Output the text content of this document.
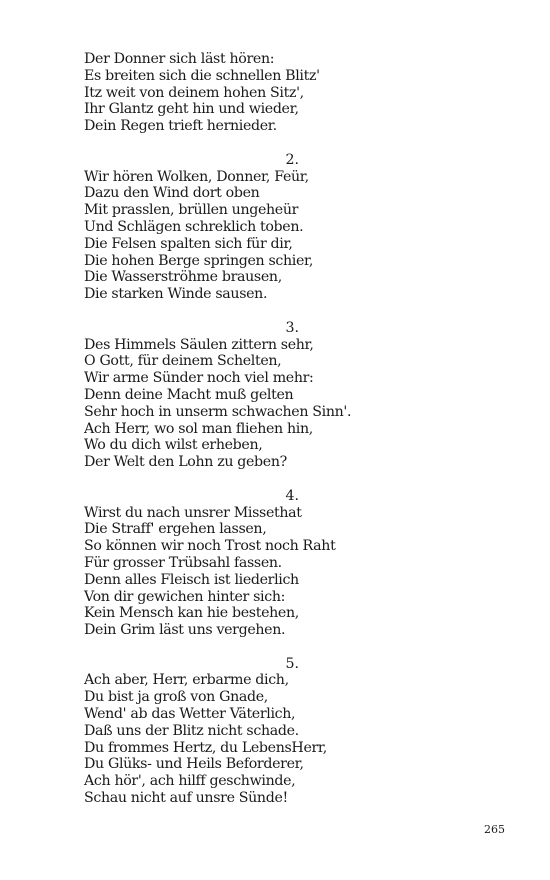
Der Donner sich läst hören:
Es breiten sich die schnellen Blitz'
Itz weit von deinem hohen Sitz',
Ihr Glantz geht hin und wieder,
Dein Regen trieft hernieder.
2.
Wir hören Wolken, Donner, Feür,
Dazu den Wind dort oben
Mit prasslen, brüllen ungeheür
Und Schlägen schreklich toben.
Die Felsen spalten sich für dir,
Die hohen Berge springen schier,
Die Wasserströhme brausen,
Die starken Winde sausen.
3.
Des Himmels Säulen zittern sehr,
O Gott, für deinem Schelten,
Wir arme Sünder noch viel mehr:
Denn deine Macht muß gelten
Sehr hoch in unserm schwachen Sinn'.
Ach Herr, wo sol man fliehen hin,
Wo du dich wilst erheben,
Der Welt den Lohn zu geben?
4.
Wirst du nach unsrer Missethat
Die Straff' ergehen lassen,
So können wir noch Trost noch Raht
Für grosser Trübsahl fassen.
Denn alles Fleisch ist liederlich
Von dir gewichen hinter sich:
Kein Mensch kan hie bestehen,
Dein Grim läst uns vergehen.
5.
Ach aber, Herr, erbarme dich,
Du bist ja groß von Gnade,
Wend' ab das Wetter Väterlich,
Daß uns der Blitz nicht schade.
Du frommes Hertz, du LebensHerr,
Du Glüks- und Heils Beforderer,
Ach hör', ach hilff geschwinde,
Schau nicht auf unsre Sünde!
265
